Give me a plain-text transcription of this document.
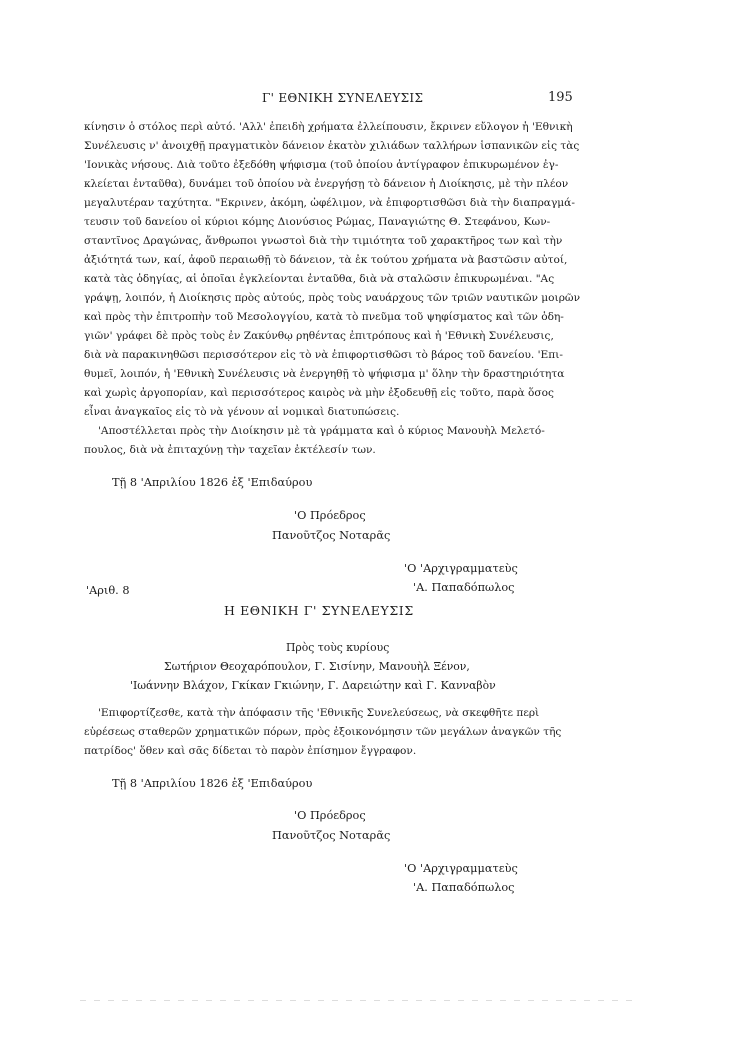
Γ' ΕΘΝΙΚΗ ΣΥΝΕΛΕΥΣΙΣ	195
κίνησιν ὁ στόλος περὶ αὐτό. 'Αλλ' ἐπειδὴ χρήματα ἐλλείπουσιν, ἔκρινεν εὔλογον ἡ 'Εθνικὴ
Συνέλευσις ν' ἀνοιχθῇ πραγματικὸν δάνειον ἑκατὸν χιλιάδων ταλλήρων ἱσπανικῶν εἰς τὰς
'Ιονικὰς νήσους. Διὰ τοῦτο ἐξεδόθη ψήφισμα (τοῦ ὁποίου ἀντίγραφον ἐπικυρωμένον ἐγ-
κλείεται ἐνταῦθα), δυνάμει τοῦ ὁποίου νὰ ἐνεργήσῃ τὸ δάνειον ἡ Διοίκησις, μὲ τὴν πλέον
μεγαλυτέραν ταχύτητα. "Εκρινεν, ἀκόμη, ὠφέλιμον, νὰ ἐπιφορτισθῶσι διὰ τὴν διαπραγμά-
τευσιν τοῦ δανείου οἱ κύριοι κόμης Διονύσιος Ρώμας, Παναγιώτης Θ. Στεφάνου, Κων-
σταντῖνος Δραγώνας, ἄνθρωποι γνωστοὶ διὰ τὴν τιμιότητα τοῦ χαρακτῆρος των καὶ τὴν
ἀξιότητά των, καί, ἀφοῦ περαιωθῇ τὸ δάνειον, τὰ ἐκ τούτου χρήματα νὰ βαστῶσιν αὐτοί,
κατὰ τὰς ὁδηγίας, αἱ ὁποῖαι ἐγκλείονται ἐνταῦθα, διὰ νὰ σταλῶσιν ἐπικυρωμέναι. "Ας
γράψῃ, λοιπόν, ἡ Διοίκησις πρὸς αὐτούς, πρὸς τοὺς ναυάρχους τῶν τριῶν ναυτικῶν μοιρῶν
καὶ πρὸς τὴν ἐπιτροπὴν τοῦ Μεσολογγίου, κατὰ τὸ πνεῦμα τοῦ ψηφίσματος καὶ τῶν ὁδη-
γιῶν' γράφει δὲ πρὸς τοὺς ἐν Ζακύνθῳ ρηθέντας ἐπιτρόπους καὶ ἡ 'Εθνικὴ Συνέλευσις,
διὰ νὰ παρακινηθῶσι περισσότερον εἰς τὸ νὰ ἐπιφορτισθῶσι τὸ βάρος τοῦ δανείου. 'Επι-
θυμεῖ, λοιπόν, ἡ 'Εθνικὴ Συνέλευσις νὰ ἐνεργηθῇ τὸ ψήφισμα μ' ὅλην τὴν δραστηριότητα
καὶ χωρὶς ἀργοπορίαν, καὶ περισσότερος καιρὸς νὰ μὴν ἐξοδευθῇ εἰς τοῦτο, παρὰ ὅσος
εἶναι ἀναγκαῖος εἰς τὸ νὰ γένουν αἱ νομικαὶ διατυπώσεις.
'Αποστέλλεται πρὸς τὴν Διοίκησιν μὲ τὰ γράμματα καὶ ὁ κύριος Μανουὴλ Μελετό-
πουλος, διὰ νὰ ἐπιταχύνῃ τὴν ταχεῖαν ἐκτέλεσίν των.
Τῇ 8 'Απριλίου 1826 ἐξ 'Επιδαύρου
'Ο Πρόεδρος
Πανοῦτζος Νοταρᾶς
'Ο 'Αρχιγραμματεὺς
'Α. Παπαδόπωλος
'Αριθ. 8
Η ΕΘΝΙΚΗ Γ' ΣΥΝΕΛΕΥΣΙΣ
Πρὸς τοὺς κυρίους
Σωτήριον Θεοχαρόπουλον, Γ. Σισίνην, Μανουὴλ Ξένον,
'Ιωάννην Βλάχον, Γκίκαν Γκιώνην, Γ. Δαρειώτην καὶ Γ. Κανναβὸν
'Επιφορτίζεσθε, κατὰ τὴν ἀπόφασιν τῆς 'Εθνικῆς Συνελεύσεως, νὰ σκεφθῆτε περὶ
εὑρέσεως σταθερῶν χρηματικῶν πόρων, πρὸς ἐξοικονόμησιν τῶν μεγάλων ἀναγκῶν τῆς
πατρίδος' ὅθεν καὶ σᾶς δίδεται τὸ παρὸν ἐπίσημον ἔγγραφον.
Τῇ 8 'Απριλίου 1826 ἐξ 'Επιδαύρου
'Ο Πρόεδρος
Πανοῦτζος Νοταρᾶς
'Ο 'Αρχιγραμματεὺς
'Α. Παπαδόπωλος
